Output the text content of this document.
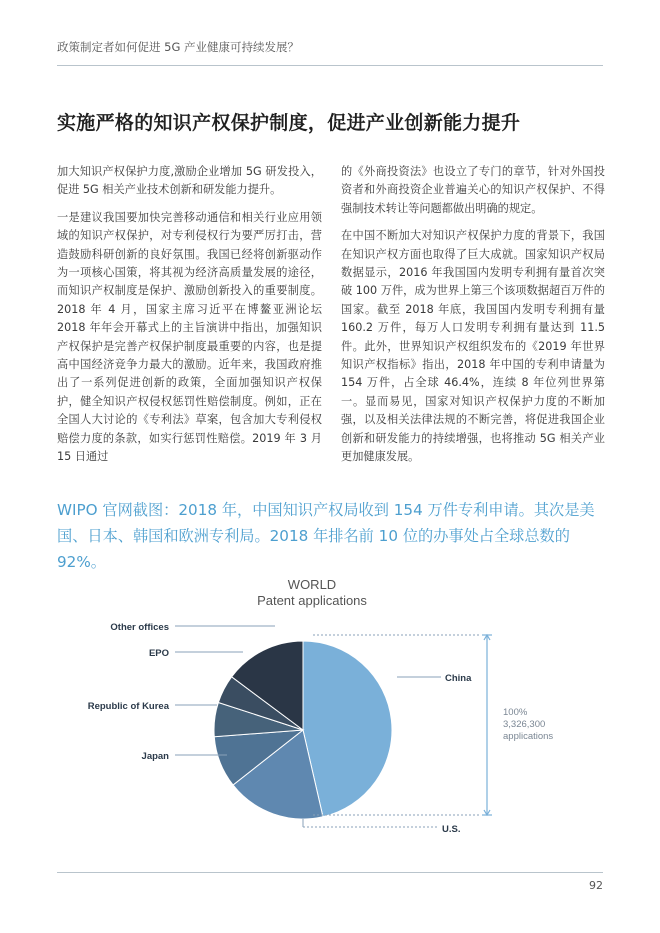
政策制定者如何促进 5G 产业健康可持续发展？
实施严格的知识产权保护制度，促进产业创新能力提升

加大知识产权保护力度,激励企业增加 5G 研发投入，促进 5G 相关产业技术创新和研发能力提升。

一是建议我国要加快完善移动通信和相关行业应用领域的知识产权保护，对专利侵权行为要严厉打击，营造鼓励科研创新的良好氛围。我国已经将创新驱动作为一项核心国策，将其视为经济高质量发展的途径，而知识产权制度是保护、激励创新投入的重要制度。2018 年 4 月，国家主席习近平在博鳌亚洲论坛 2018 年年会开幕式上的主旨演讲中指出，加强知识产权保护是完善产权保护制度最重要的内容，也是提高中国经济竞争力最大的激励。近年来，我国政府推出了一系列促进创新的政策，全面加强知识产权保护，健全知识产权侵权惩罚性赔偿制度。例如，正在全国人大讨论的《专利法》草案，包含加大专利侵权赔偿力度的条款，如实行惩罚性赔偿。2019 年 3 月 15 日通过

的《外商投资法》也设立了专门的章节，针对外国投资者和外商投资企业普遍关心的知识产权保护、不得强制技术转让等问题都做出明确的规定。

在中国不断加大对知识产权保护力度的背景下，我国在知识产权方面也取得了巨大成就。国家知识产权局数据显示，2016 年我国国内发明专利拥有量首次突破 100 万件，成为世界上第三个该项数据超百万件的国家。截至 2018 年底，我国国内发明专利拥有量160.2 万件，每万人口发明专利拥有量达到 11.5 件。此外，世界知识产权组织发布的《2019 年世界知识产权指标》指出，2018 年中国的专利申请量为 154 万件，占全球 46.4%，连续 8 年位列世界第一。显而易见，国家对知识产权保护力度的不断加强，以及相关法律法规的不断完善，将促进我国企业创新和研发能力的持续增强，也将推动 5G 相关产业更加健康发展。

WIPO 官网截图：2018 年，中国知识产权局收到 154 万件专利申请。其次是美国、日本、韩国和欧洲专利局。2018 年排名前 10 位的办事处占全球总数的 92%。
WORLD
Patent applications
China
U.S.
Japan
Republic of Kurea
EPO
Other offices
100%
3,326,300
applications
92
